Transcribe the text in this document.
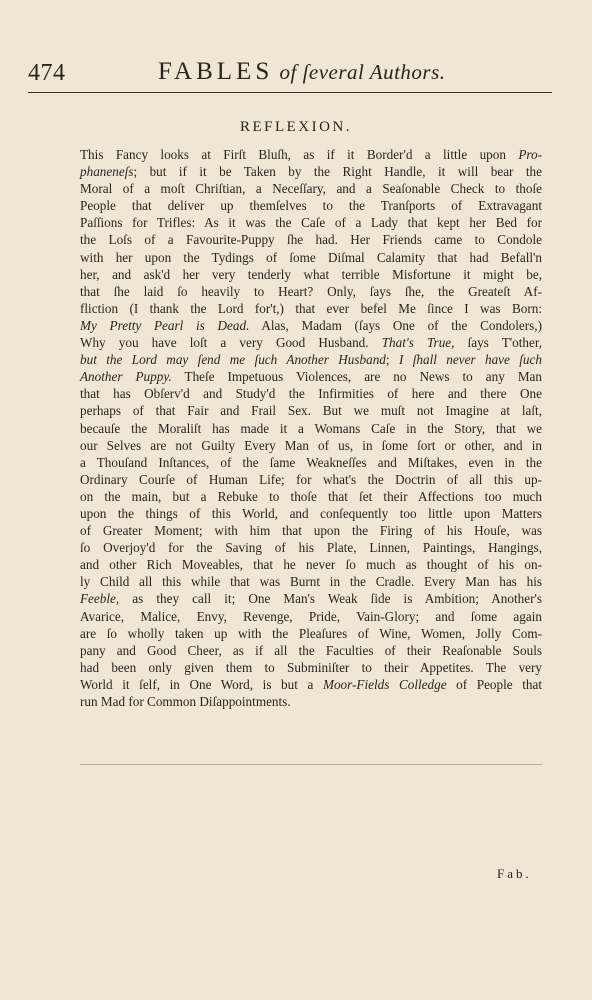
474	FABLES of ſeveral Authors.
REFLEXION.
This Fancy looks at Firſt Bluſh, as if it Border'd a little upon Pro-
phaneneſs; but if it be Taken by the Right Handle, it will bear the
Moral of a moſt Chriſtian, a Neceſſary, and a Seaſonable Check to thoſe
People that deliver up themſelves to the Tranſports of Extravagant
Paſſions for Trifles: As it was the Caſe of a Lady that kept her Bed for
the Loſs of a Favourite-Puppy ſhe had. Her Friends came to Condole
with her upon the Tydings of ſome Diſmal Calamity that had Befall'n
her, and ask'd her very tenderly what terrible Misfortune it might be,
that ſhe laid ſo heavily to Heart? Only, ſays ſhe, the Greateſt Af-
fliction (I thank the Lord for't,) that ever befel Me ſince I was Born:
My Pretty Pearl is Dead. Alas, Madam (ſays One of the Condolers,)
Why you have loſt a very Good Husband. That's True, ſays T'other,
but the Lord may ſend me ſuch Another Husband; I ſhall never have ſuch
Another Puppy. Theſe Impetuous Violences, are no News to any Man
that has Obſerv'd and Study'd the Infirmities of here and there One
perhaps of that Fair and Frail Sex. But we muſt not Imagine at laſt,
becauſe the Moraliſt has made it a Womans Caſe in the Story, that we
our Selves are not Guilty Every Man of us, in ſome ſort or other, and in
a Thouſand Inſtances, of the ſame Weakneſſes and Miſtakes, even in the
Ordinary Courſe of Human Life; for what's the Doctrin of all this up-
on the main, but a Rebuke to thoſe that ſet their Affections too much
upon the things of this World, and conſequently too little upon Matters
of Greater Moment; with him that upon the Firing of his Houſe, was
ſo Overjoy'd for the Saving of his Plate, Linnen, Paintings, Hangings,
and other Rich Moveables, that he never ſo much as thought of his on-
ly Child all this while that was Burnt in the Cradle. Every Man has his
Feeble, as they call it; One Man's Weak ſide is Ambition; Another's
Avarice, Malice, Envy, Revenge, Pride, Vain-Glory; and ſome again
are ſo wholly taken up with the Pleaſures of Wine, Women, Jolly Com-
pany and Good Cheer, as if all the Faculties of their Reaſonable Souls
had been only given them to Subminiſter to their Appetites. The very
World it ſelf, in One Word, is but a Moor-Fields Colledge of People that
run Mad for Common Diſappointments.
Fab.
